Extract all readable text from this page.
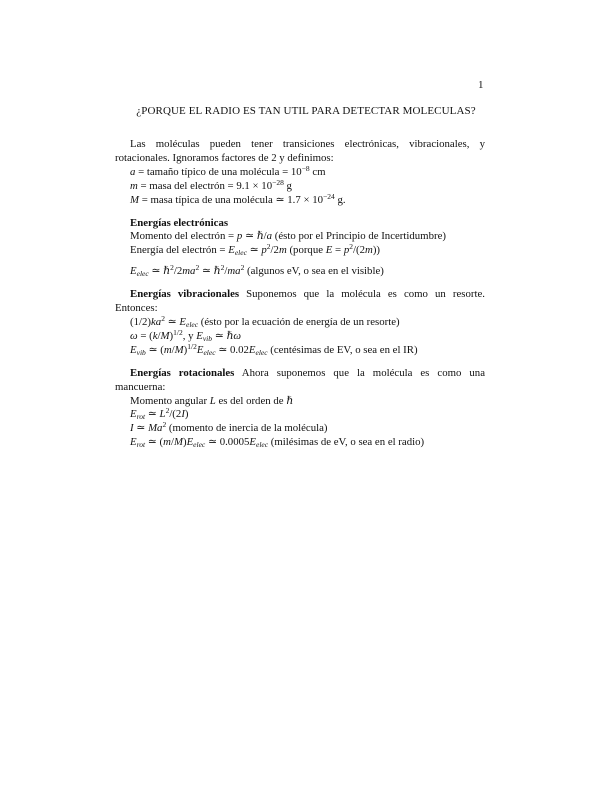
1
¿PORQUE EL RADIO ES TAN UTIL PARA DETECTAR MOLECULAS?

Las moléculas pueden tener transiciones electrónicas, vibracionales, y rotacionales. Ignoramos factores de 2 y definimos:

a = tamaño típico de una molécula = $10^{-8}$ cm

m = masa del electrón = $9.1 \times 10^{-28}$ g

M = masa típica de una molécula ≃ $1.7 \times 10^{-24}$ g.

Energías electrónicas

Momento del electrón = p ≃ ℏ/a (ésto por el Principio de Incertidumbre)

Energía del electrón = $E_{elec}$ ≃ $p^2/2m$ (porque $E = p^2/(2m)$)

$E_{elec}$ ≃ $\hbar^2/2ma^2$ ≃ $\hbar^2/ma^2$ (algunos eV, o sea en el visible)

Energías vibracionales Suponemos que la molécula es como un resorte. Entonces:

$(1/2)ka^2$ ≃ $E_{elec}$ (ésto por la ecuación de energía de un resorte)

$\omega = (k/M)^{1/2}$, y $E_{vib}$ ≃ ℏω

$E_{vib}$ ≃ $(m/M)^{1/2}E_{elec}$ ≃ $0.02E_{elec}$ (centésimas de EV, o sea en el IR)

Energías rotacionales Ahora suponemos que la molécula es como una mancuerna:

Momento angular L es del orden de ℏ

$E_{rot}$ ≃ $L^2/(2I)$

I ≃ Ma$^2$ (momento de inercia de la molécula)

$E_{rot}$ ≃ $(m/M)E_{elec}$ ≃ $0.0005E_{elec}$ (milésimas de eV, o sea en el radio)
